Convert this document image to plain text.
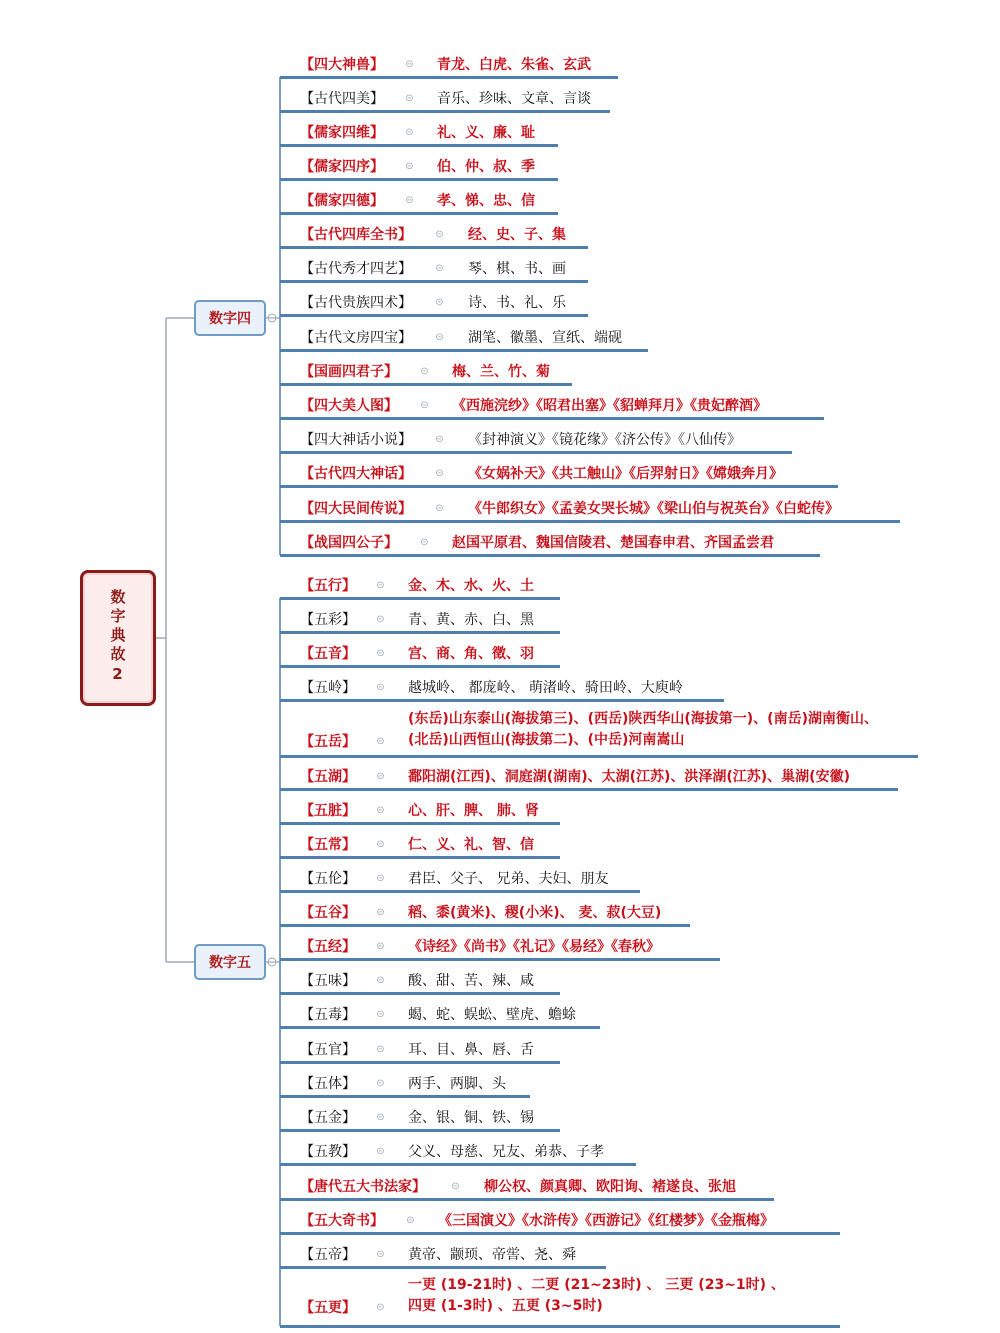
数字典故2
数字四
数字五
【四大神兽】 ⊝ 青龙、白虎、朱雀、玄武
【古代四美】 ⊝ 音乐、珍味、文章、言谈
【儒家四维】 ⊝ 礼、义、廉、耻
【儒家四序】 ⊝ 伯、仲、叔、季
【儒家四德】 ⊝ 孝、悌、忠、信
【古代四库全书】 ⊝ 经、史、子、集
【古代秀才四艺】 ⊝ 琴、棋、书、画
【古代贵族四术】 ⊝ 诗、书、礼、乐
【古代文房四宝】 ⊝ 湖笔、徽墨、宣纸、端砚
【国画四君子】 ⊝ 梅、兰、竹、菊
【四大美人图】 ⊝ 《西施浣纱》《昭君出塞》《貂蝉拜月》《贵妃醉酒》
【四大神话小说】 ⊝ 《封神演义》《镜花缘》《济公传》《八仙传》
【古代四大神话】 ⊝ 《女娲补天》《共工触山》《后羿射日》《嫦娥奔月》
【四大民间传说】 ⊝ 《牛郎织女》《孟姜女哭长城》《梁山伯与祝英台》《白蛇传》
【战国四公子】 ⊝ 赵国平原君、魏国信陵君、楚国春申君、齐国孟尝君
【五行】 ⊝ 金、木、水、火、土
【五彩】 ⊝ 青、黄、赤、白、黑
【五音】 ⊝ 宫、商、角、徵、羽
【五岭】 ⊝ 越城岭、 都庞岭、 萌渚岭、骑田岭、大庾岭
【五岳】 ⊝
(东岳)山东泰山(海拔第三)、(西岳)陕西华山(海拔第一)、(南岳)湖南衡山、
(北岳)山西恒山(海拔第二)、(中岳)河南嵩山
【五湖】 ⊝ 鄱阳湖(江西)、洞庭湖(湖南)、太湖(江苏)、洪泽湖(江苏)、巢湖(安徽)
【五脏】 ⊝ 心、肝、脾、 肺、肾
【五常】 ⊝ 仁、义、礼、智、信
【五伦】 ⊝ 君臣、父子、 兄弟、夫妇、朋友
【五谷】 ⊝ 稻、黍(黄米)、稷(小米)、 麦、菽(大豆)
【五经】 ⊝ 《诗经》《尚书》《礼记》《易经》《春秋》
【五味】 ⊝ 酸、甜、苦、辣、咸
【五毒】 ⊝ 蝎、蛇、蜈蚣、壁虎、蟾蜍
【五官】 ⊝ 耳、目、鼻、唇、舌
【五体】 ⊝ 两手、两脚、头
【五金】 ⊝ 金、银、铜、铁、锡
【五教】 ⊝ 父义、母慈、兄友、弟恭、子孝
【唐代五大书法家】	⊝ 柳公权、颜真卿、欧阳询、褚遂良、张旭
【五大奇书】 ⊝ 《三国演义》《水浒传》《西游记》《红楼梦》《金瓶梅》
【五帝】 ⊝ 黄帝、颛顼、帝喾、尧、舜
【五更】 ⊝
一更 (19-21时) 、二更 (21~23时) 、 三更 (23~1时) 、
四更 (1-3时) 、五更 (3~5时)
